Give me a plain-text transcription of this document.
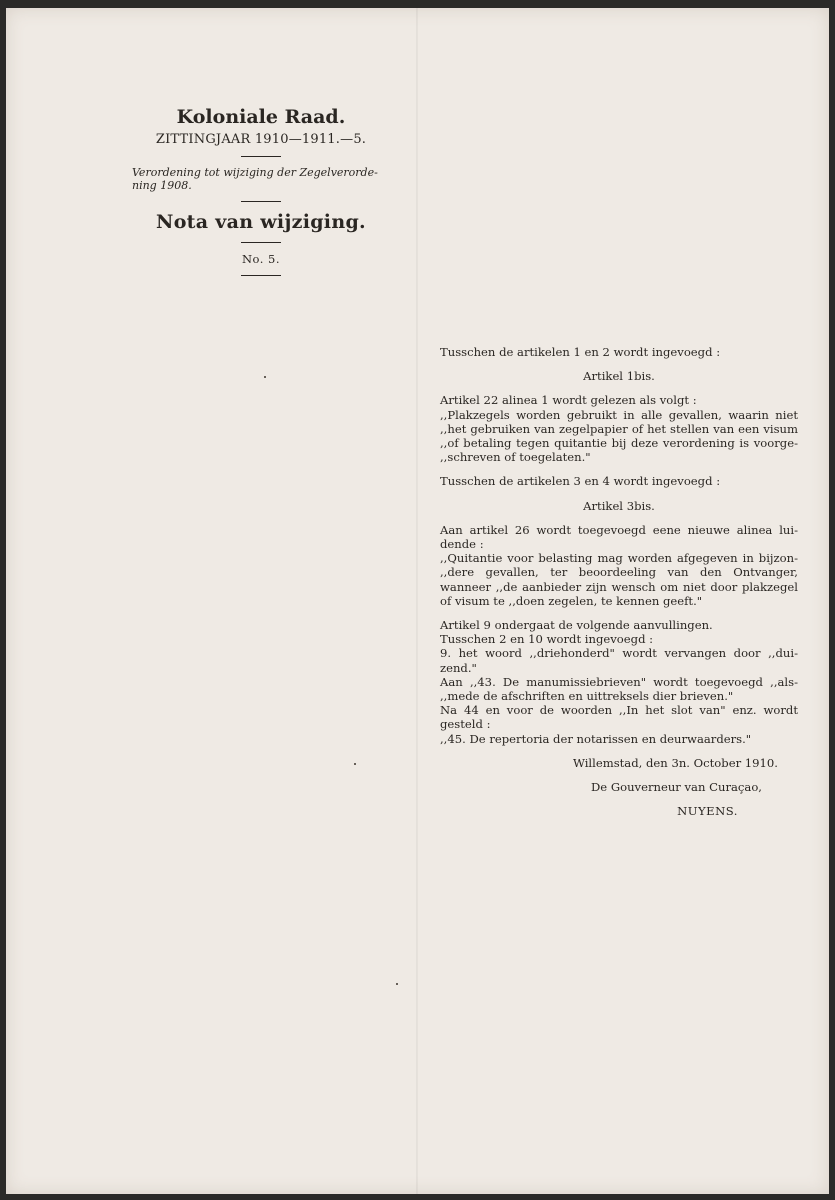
Koloniale Raad.

ZITTINGJAAR 1910—1911.—5.

Verordening tot wijziging der Zegelverorde- ning 1908.

Nota van wijziging.

No. 5.

Tusschen de artikelen 1 en 2 wordt ingevoegd :

Artikel 1bis.

Artikel 22 alinea 1 wordt gelezen als volgt :

,,Plakzegels worden gebruikt in alle gevallen, waarin niet ,,het gebruiken van zegelpapier of het stellen van een visum ,,of betaling tegen quitantie bij deze verordening is voorge- ,,schreven of toegelaten."

Tusschen de artikelen 3 en 4 wordt ingevoegd :

Artikel 3bis.

Aan artikel 26 wordt toegevoegd eene nieuwe alinea lui- dende :

,,Quitantie voor belasting mag worden afgegeven in bijzon- ,,dere gevallen, ter beoordeeling van den Ontvanger, wanneer ,,de aanbieder zijn wensch om niet door plakzegel of visum te ,,doen zegelen, te kennen geeft."

Artikel 9 ondergaat de volgende aanvullingen.

Tusschen 2 en 10 wordt ingevoegd :

9. het woord ,,driehonderd" wordt vervangen door ,,dui- zend."

Aan ,,43. De manumissiebrieven" wordt toegevoegd ,,als- ,,mede de afschriften en uittreksels dier brieven."

Na 44 en voor de woorden ,,In het slot van" enz. wordt gesteld :

,,45. De repertoria der notarissen en deurwaarders."

Willemstad, den 3n. October 1910.

De Gouverneur van Curaçao,

NUYENS.
